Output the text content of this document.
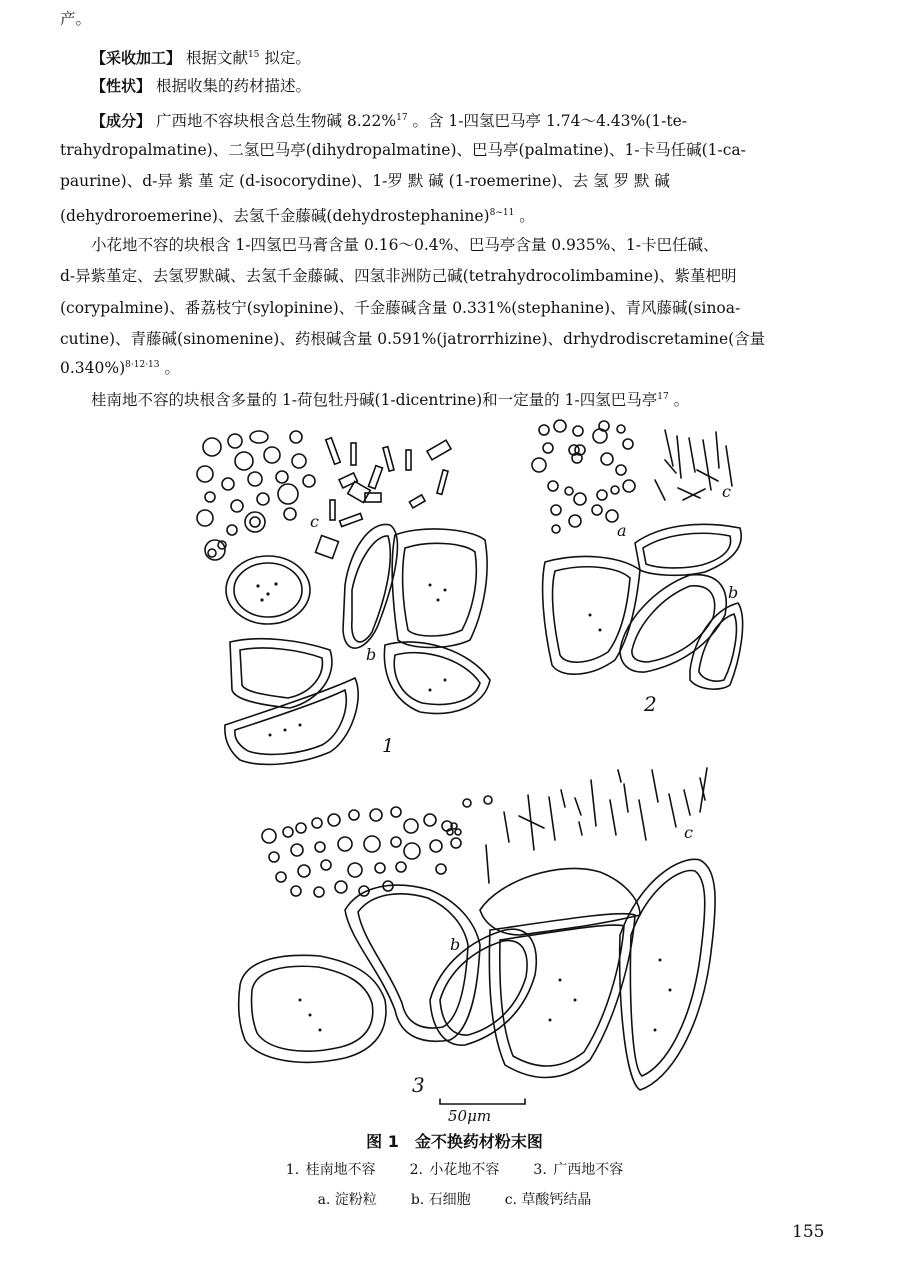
产。
【采收加工】 根据文献$^{15}$ 拟定。
【性状】 根据收集的药材描述。
【成分】 广西地不容块根含总生物碱 8.22%$^{17}$ 。含 1-四氢巴马亭 1.74～4.43%(1-te-
trahydropalmatine)、二氢巴马亭(dihydropalmatine)、巴马亭(palmatine)、1-卡马任碱(1-ca-
paurine)、d-异 紫 堇 定 (d-isocorydine)、1-罗 默 碱 (1-roemerine)、去 氢 罗 默 碱
(dehydroroemerine)、去氢千金藤碱(dehydrostephanine)$^{8\sim 11}$ 。
小花地不容的块根含 1-四氢巴马膏含量 0.16～0.4%、巴马亭含量 0.935%、1-卡巴任碱、
d-异紫堇定、去氢罗默碱、去氢千金藤碱、四氢非洲防己碱(tetrahydrocolimbamine)、紫堇杷明
(corypalmine)、番荔枝宁(sylopinine)、千金藤碱含量 0.331%(stephanine)、青风藤碱(sinoa-
cutine)、青藤碱(sinomenine)、药根碱含量 0.591%(jatrorrhizine)、drhydrodiscretamine(含量
0.340%)$^{8\cdot 12\cdot 13}$ 。
桂南地不容的块根含多量的 1-荷包牡丹碱(1-dicentrine)和一定量的 1-四氢巴马亭$^{17}$ 。
1
2
3
c
b
a
c
b
b
c
50μm
图 1　金不换药材粉末图
1. 桂南地不容 2. 小花地不容 3. 广西地不容
a. 淀粉粒 b. 石细胞 c. 草酸钙结晶
155
